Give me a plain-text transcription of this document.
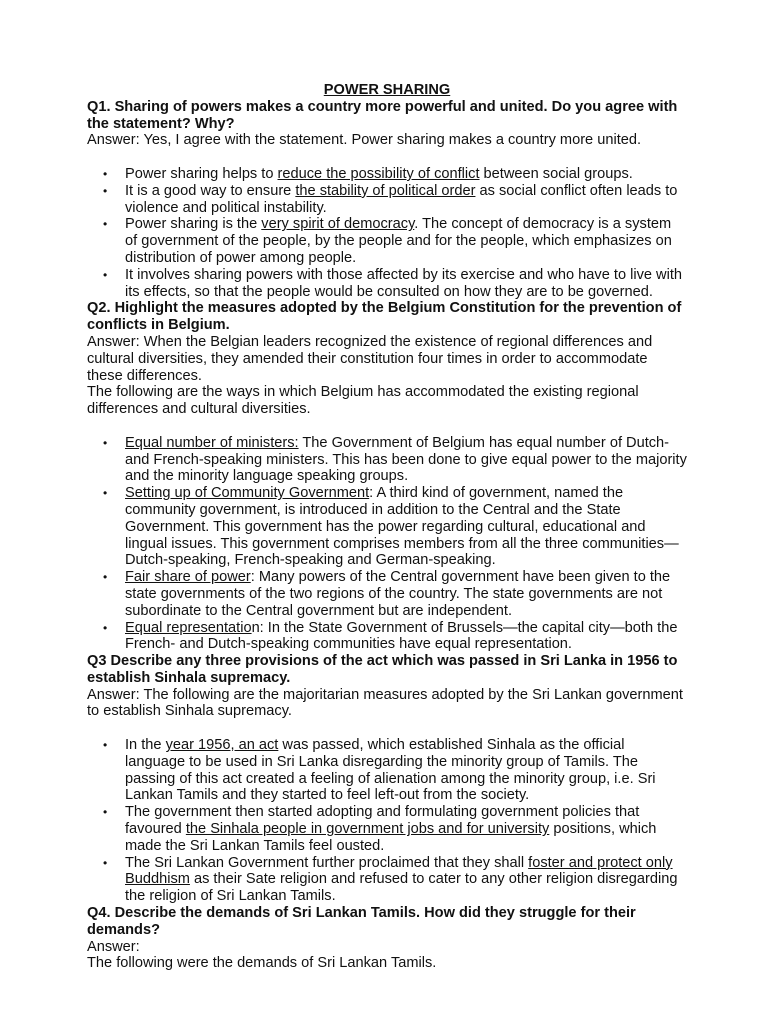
POWER SHARING

Q1. Sharing of powers makes a country more powerful and united. Do you agree with the statement? Why?

Answer: Yes, I agree with the statement. Power sharing makes a country more united.

• Power sharing helps to reduce the possibility of conflict between social groups.
• It is a good way to ensure the stability of political order as social conflict often leads to violence and political instability.
• Power sharing is the very spirit of democracy. The concept of democracy is a system of government of the people, by the people and for the people, which emphasizes on distribution of power among people.
• It involves sharing powers with those affected by its exercise and who have to live with its effects, so that the people would be consulted on how they are to be governed.

Q2. Highlight the measures adopted by the Belgium Constitution for the prevention of conflicts in Belgium.

Answer: When the Belgian leaders recognized the existence of regional differences and cultural diversities, they amended their constitution four times in order to accommodate these differences.

The following are the ways in which Belgium has accommodated the existing regional differences and cultural diversities.

• Equal number of ministers: The Government of Belgium has equal number of Dutch- and French-speaking ministers. This has been done to give equal power to the majority and the minority language speaking groups.
• Setting up of Community Government: A third kind of government, named the community government, is introduced in addition to the Central and the State Government. This government has the power regarding cultural, educational and lingual issues. This government comprises members from all the three communities—Dutch-speaking, French-speaking and German-speaking.
• Fair share of power: Many powers of the Central government have been given to the state governments of the two regions of the country. The state governments are not subordinate to the Central government but are independent.
• Equal representation: In the State Government of Brussels—the capital city—both the French- and Dutch-speaking communities have equal representation.

Q3 Describe any three provisions of the act which was passed in Sri Lanka in 1956 to establish Sinhala supremacy.

Answer: The following are the majoritarian measures adopted by the Sri Lankan government to establish Sinhala supremacy.

• In the year 1956, an act was passed, which established Sinhala as the official language to be used in Sri Lanka disregarding the minority group of Tamils. The passing of this act created a feeling of alienation among the minority group, i.e. Sri Lankan Tamils and they started to feel left-out from the society.
• The government then started adopting and formulating government policies that favoured the Sinhala people in government jobs and for university positions, which made the Sri Lankan Tamils feel ousted.
• The Sri Lankan Government further proclaimed that they shall foster and protect only Buddhism as their Sate religion and refused to cater to any other religion disregarding the religion of Sri Lankan Tamils.

Q4. Describe the demands of Sri Lankan Tamils. How did they struggle for their demands?

Answer:

The following were the demands of Sri Lankan Tamils.
